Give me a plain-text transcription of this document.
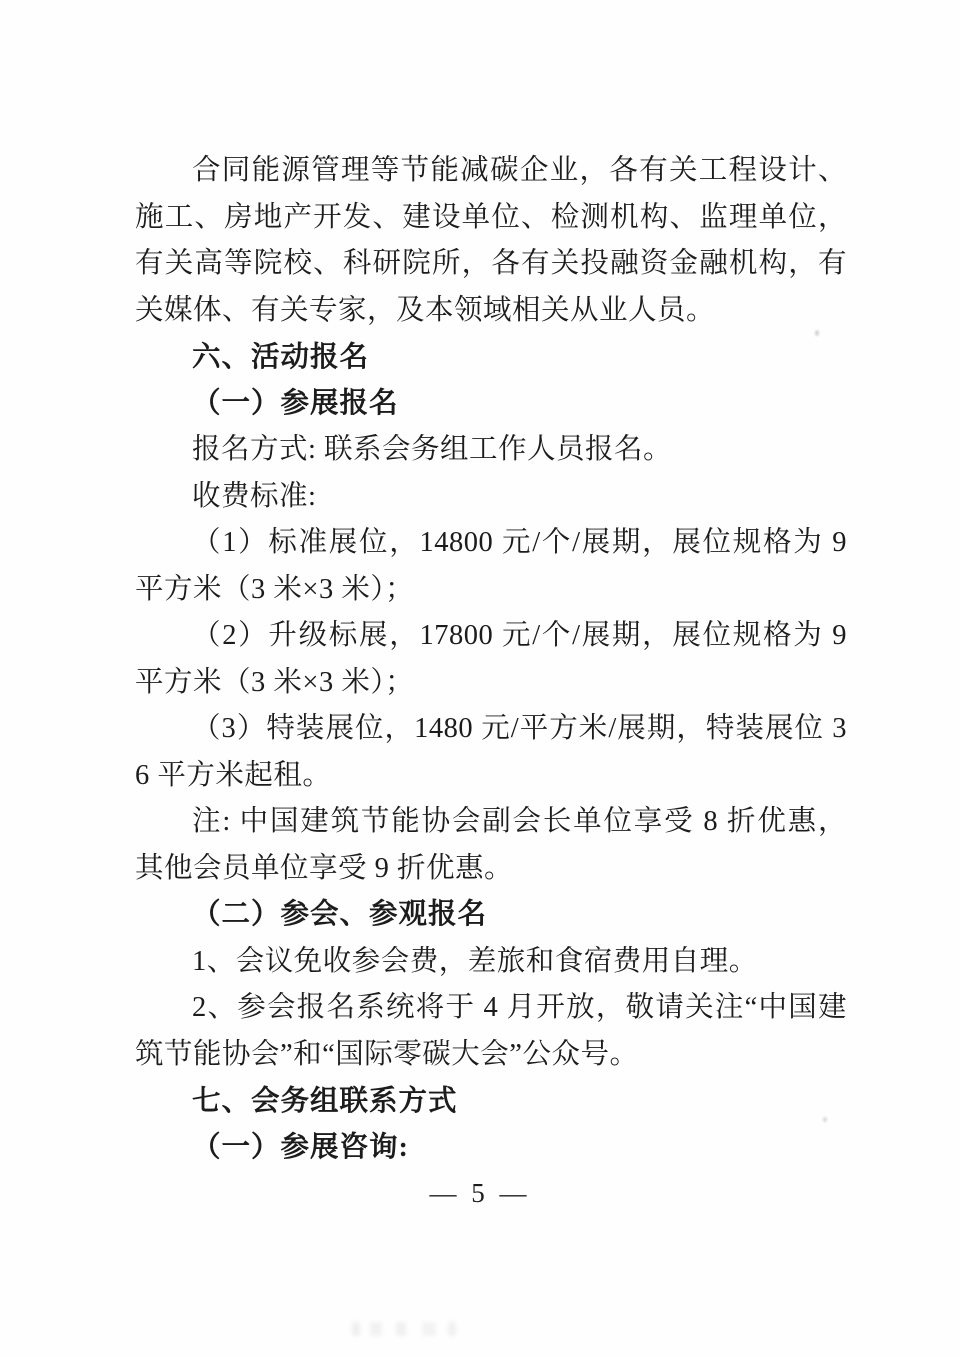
合同能源管理等节能减碳企业，各有关工程设计、施工、房地产开发、建设单位、检测机构、监理单位，有关高等院校、科研院所，各有关投融资金融机构，有关媒体、有关专家，及本领域相关从业人员。

六、活动报名

（一）参展报名

报名方式: 联系会务组工作人员报名。

收费标准:

（1）标准展位，14800 元/个/展期，展位规格为 9 平方米（3 米×3 米）；

（2）升级标展，17800 元/个/展期，展位规格为 9 平方米（3 米×3 米）；

（3）特装展位，1480 元/平方米/展期，特装展位 36 平方米起租。

注: 中国建筑节能协会副会长单位享受 8 折优惠，其他会员单位享受 9 折优惠。

（二）参会、参观报名

1、会议免收参会费，差旅和食宿费用自理。

2、参会报名系统将于 4 月开放，敬请关注“中国建筑节能协会”和“国际零碳大会”公众号。

七、会务组联系方式

（一）参展咨询:

— 5 —
